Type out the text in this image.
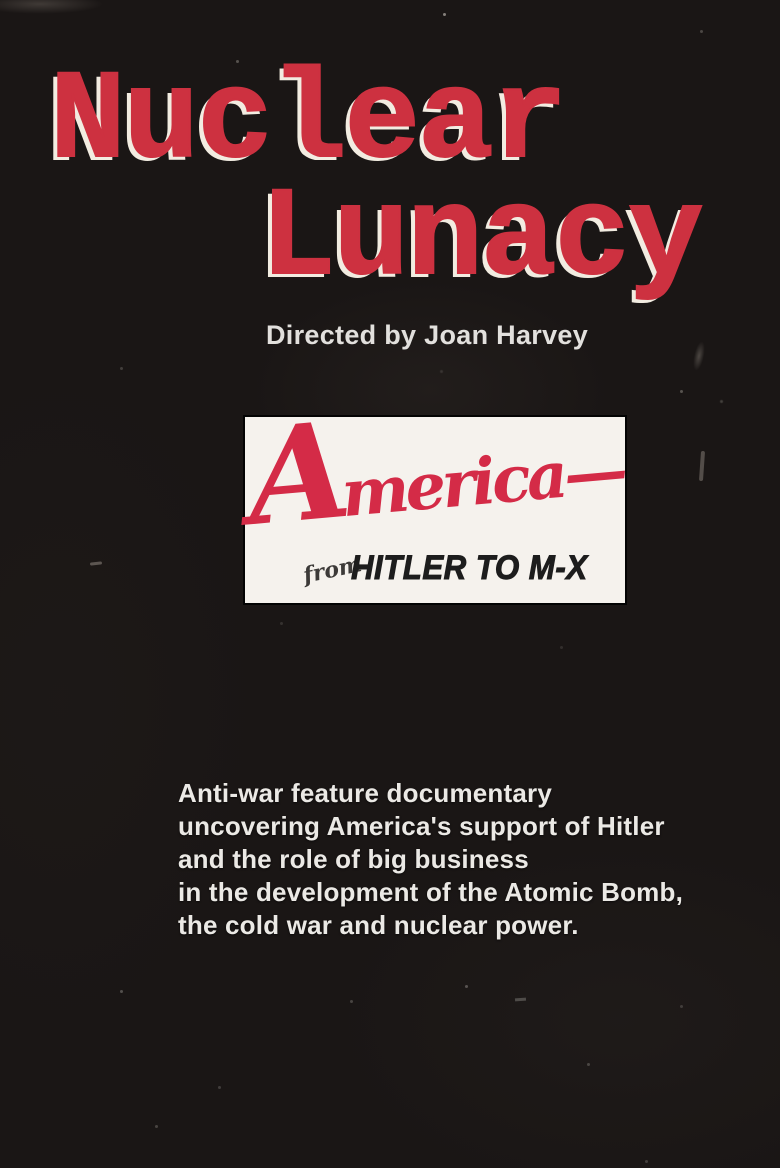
Nuclear
Lunacy
Directed by Joan Harvey
America—
from
HITLER TO M-X
Anti-war feature documentary
uncovering America's support of Hitler
and the role of big business
in the development of the Atomic Bomb,
the cold war and nuclear power.
